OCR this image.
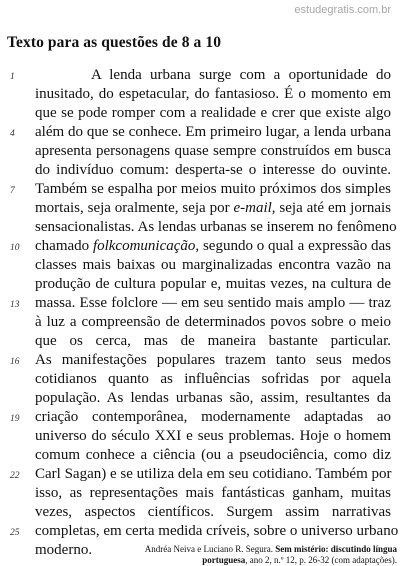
estudegratis.com.br
Texto para as questões de 8 a 10
1
4
7
10
13
16
19
22
25
A lenda urbana surge com a oportunidade do
inusitado, do espetacular, do fantasioso. É o momento em
que se pode romper com a realidade e crer que existe algo
além do que se conhece. Em primeiro lugar, a lenda urbana
apresenta personagens quase sempre construídos em busca
do indivíduo comum: desperta-se o interesse do ouvinte.
Também se espalha por meios muito próximos dos simples
mortais, seja oralmente, seja por e-mail, seja até em jornais
sensacionalistas. As lendas urbanas se inserem no fenômeno
chamado folkcomunicação, segundo o qual a expressão das
classes mais baixas ou marginalizadas encontra vazão na
produção de cultura popular e, muitas vezes, na cultura de
massa. Esse folclore — em seu sentido mais amplo — traz
à luz a compreensão de determinados povos sobre o meio
que os cerca, mas de maneira bastante particular.
As manifestações populares trazem tanto seus medos
cotidianos quanto as influências sofridas por aquela
população. As lendas urbanas são, assim, resultantes da
criação contemporânea, modernamente adaptadas ao
universo do século XXI e seus problemas. Hoje o homem
comum conhece a ciência (ou a pseudociência, como diz
Carl Sagan) e se utiliza dela em seu cotidiano. Também por
isso, as representações mais fantásticas ganham, muitas
vezes, aspectos científicos. Surgem assim narrativas
completas, em certa medida críveis, sobre o universo urbano
moderno.	Andréa Neiva e Luciano R. Segura. Sem mistério: discutindo língua portuguesa, ano 2, n.º 12, p. 26-32 (com adaptações).
